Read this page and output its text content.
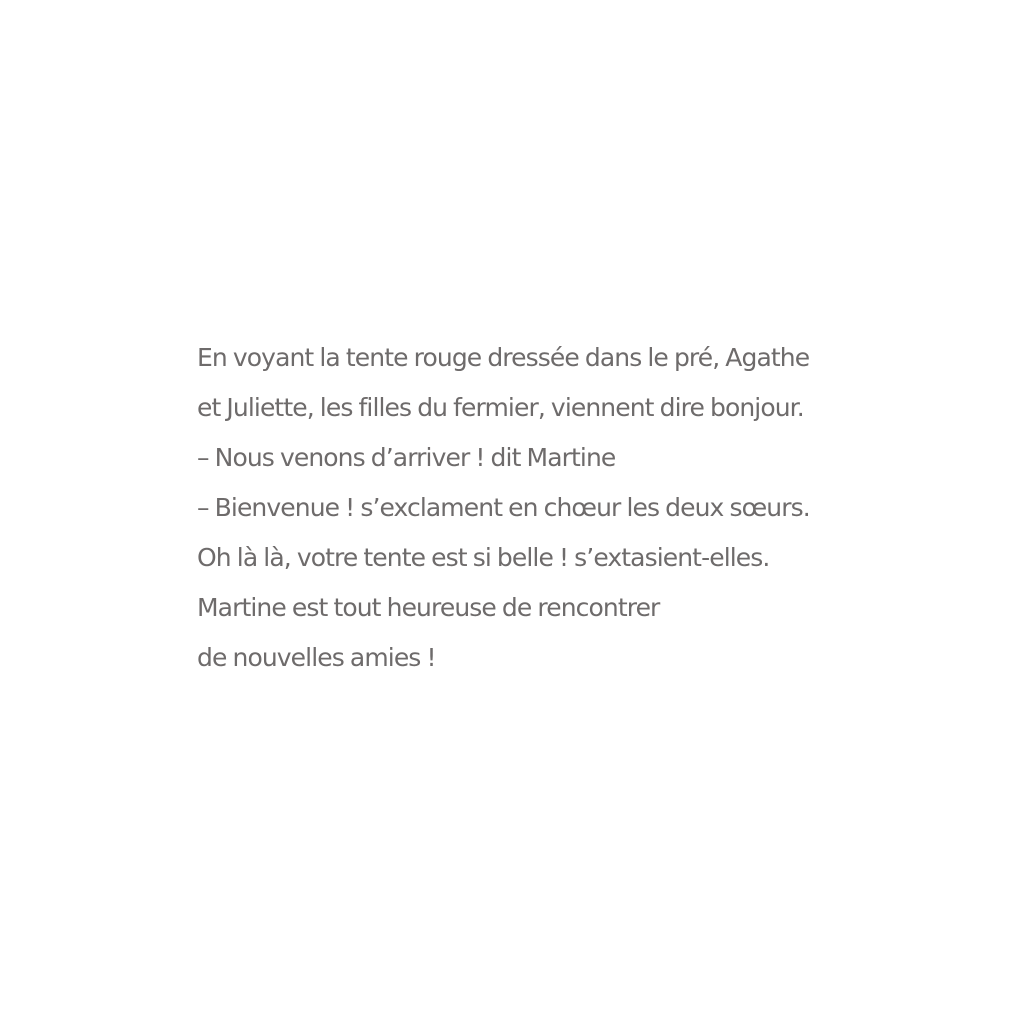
En voyant la tente rouge dressée dans le pré, Agathe
et Juliette, les filles du fermier, viennent dire bonjour.
– Nous venons d’arriver ! dit Martine
– Bienvenue ! s’exclament en chœur les deux sœurs.
Oh là là, votre tente est si belle ! s’extasient-elles.
Martine est tout heureuse de rencontrer
de nouvelles amies !
